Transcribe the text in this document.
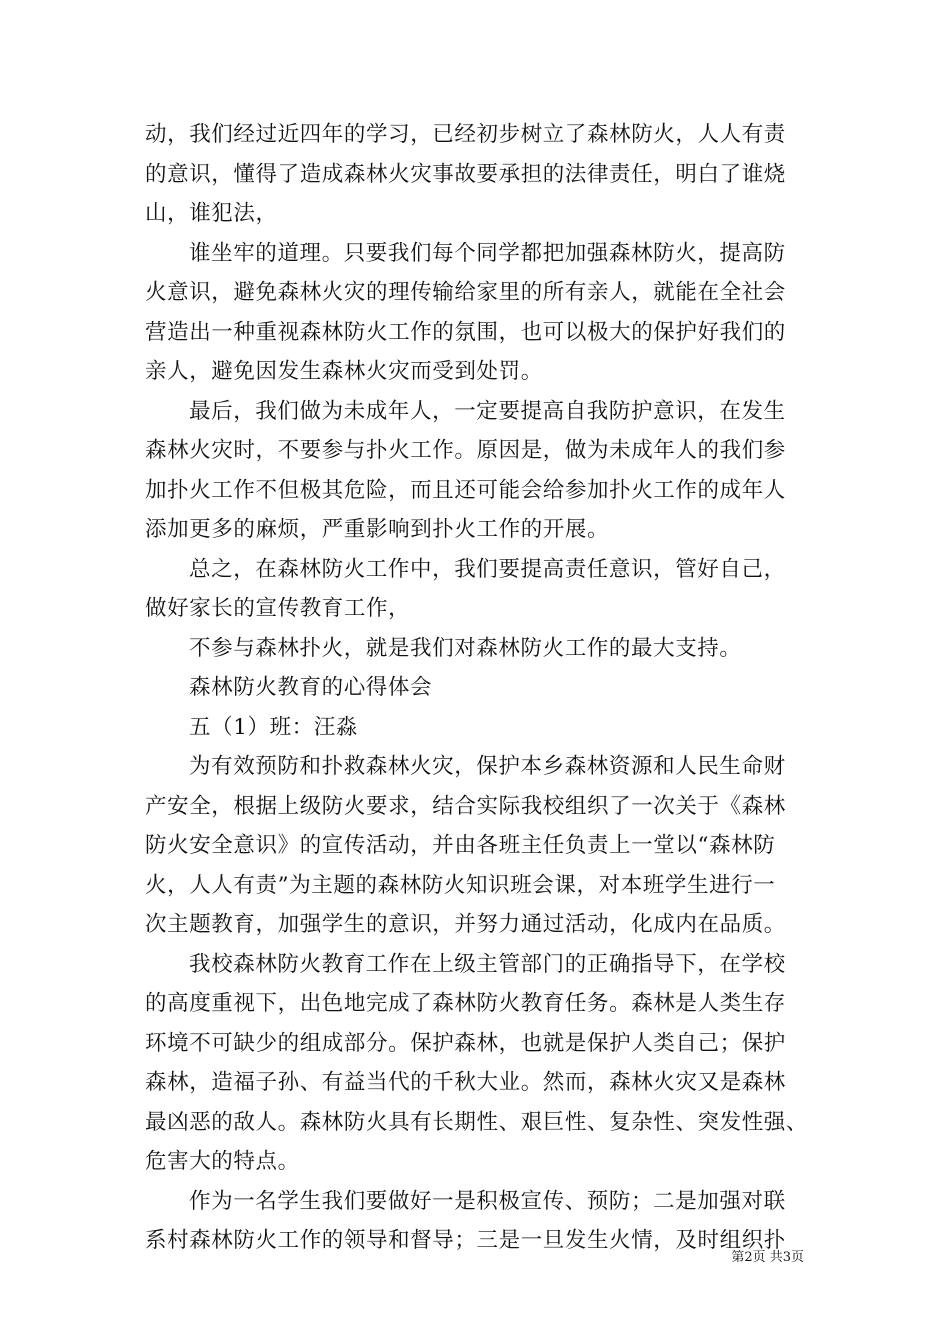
动，我们经过近四年的学习，已经初步树立了森林防火，人人有责
的意识，懂得了造成森林火灾事故要承担的法律责任，明白了谁烧
山，谁犯法，
谁坐牢的道理。只要我们每个同学都把加强森林防火，提高防
火意识，避免森林火灾的理传输给家里的所有亲人，就能在全社会
营造出一种重视森林防火工作的氛围，也可以极大的保护好我们的
亲人，避免因发生森林火灾而受到处罚。
最后，我们做为未成年人，一定要提高自我防护意识，在发生
森林火灾时，不要参与扑火工作。原因是，做为未成年人的我们参
加扑火工作不但极其危险，而且还可能会给参加扑火工作的成年人
添加更多的麻烦，严重影响到扑火工作的开展。
总之，在森林防火工作中，我们要提高责任意识，管好自己，
做好家长的宣传教育工作，
不参与森林扑火，就是我们对森林防火工作的最大支持。
森林防火教育的心得体会
五（1）班：汪淼
为有效预防和扑救森林火灾，保护本乡森林资源和人民生命财
产安全，根据上级防火要求，结合实际我校组织了一次关于《森林
防火安全意识》的宣传活动，并由各班主任负责上一堂以“森林防
火，人人有责”为主题的森林防火知识班会课，对本班学生进行一
次主题教育，加强学生的意识，并努力通过活动，化成内在品质。
我校森林防火教育工作在上级主管部门的正确指导下，在学校
的高度重视下，出色地完成了森林防火教育任务。森林是人类生存
环境不可缺少的组成部分。保护森林，也就是保护人类自己；保护
森林，造福子孙、有益当代的千秋大业。然而，森林火灾又是森林
最凶恶的敌人。森林防火具有长期性、艰巨性、复杂性、突发性强、
危害大的特点。
作为一名学生我们要做好一是积极宣传、预防；二是加强对联
系村森林防火工作的领导和督导；三是一旦发生火情，及时组织扑
第2页 共3页
